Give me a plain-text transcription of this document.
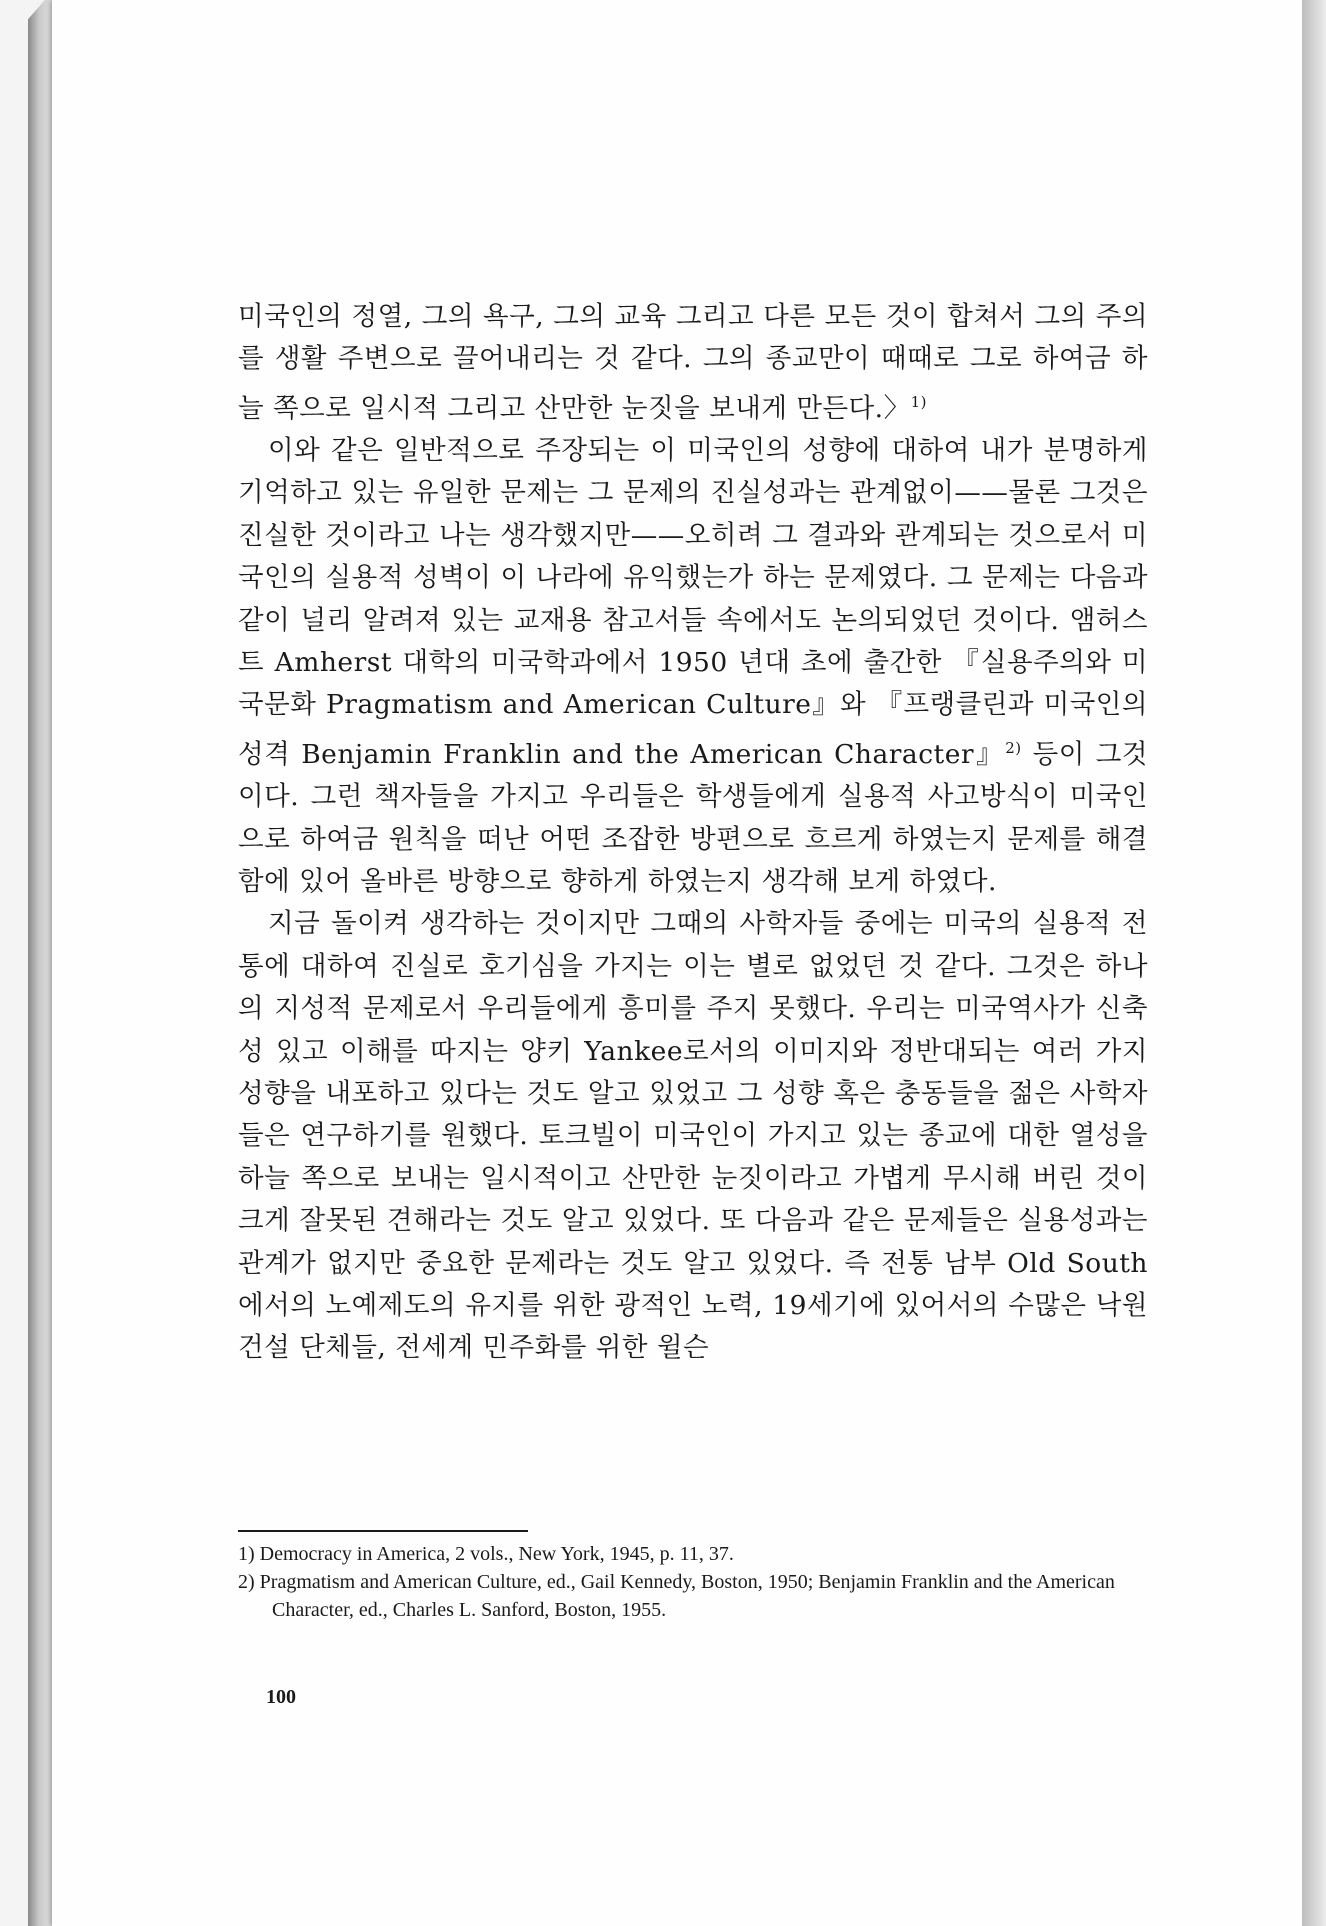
미국인의 정열, 그의 욕구, 그의 교육 그리고 다른 모든 것이 합쳐서 그의 주의를 생활 주변으로 끌어내리는 것 같다. 그의 종교만이 때때로 그로 하여금 하늘 쪽으로 일시적 그리고 산만한 눈짓을 보내게 만든다.〉$^{1)}$

이와 같은 일반적으로 주장되는 이 미국인의 성향에 대하여 내가 분명하게 기억하고 있는 유일한 문제는 그 문제의 진실성과는 관계없이——물론 그것은 진실한 것이라고 나는 생각했지만——오히려 그 결과와 관계되는 것으로서 미국인의 실용적 성벽이 이 나라에 유익했는가 하는 문제였다. 그 문제는 다음과 같이 널리 알려져 있는 교재용 참고서들 속에서도 논의되었던 것이다. 앰허스트 Amherst 대학의 미국학과에서 1950 년대 초에 출간한 『실용주의와 미국문화 Pragmatism and American Culture』와 『프랭클린과 미국인의 성격 Benjamin Franklin and the American Character』$^{2)}$ 등이 그것이다. 그런 책자들을 가지고 우리들은 학생들에게 실용적 사고방식이 미국인으로 하여금 원칙을 떠난 어떤 조잡한 방편으로 흐르게 하였는지 문제를 해결함에 있어 올바른 방향으로 향하게 하였는지 생각해 보게 하였다.

지금 돌이켜 생각하는 것이지만 그때의 사학자들 중에는 미국의 실용적 전통에 대하여 진실로 호기심을 가지는 이는 별로 없었던 것 같다. 그것은 하나의 지성적 문제로서 우리들에게 흥미를 주지 못했다. 우리는 미국역사가 신축성 있고 이해를 따지는 양키 Yankee로서의 이미지와 정반대되는 여러 가지 성향을 내포하고 있다는 것도 알고 있었고 그 성향 혹은 충동들을 젊은 사학자들은 연구하기를 원했다. 토크빌이 미국인이 가지고 있는 종교에 대한 열성을 하늘 쪽으로 보내는 일시적이고 산만한 눈짓이라고 가볍게 무시해 버린 것이 크게 잘못된 견해라는 것도 알고 있었다. 또 다음과 같은 문제들은 실용성과는 관계가 없지만 중요한 문제라는 것도 알고 있었다. 즉 전통 남부 Old South 에서의 노예제도의 유지를 위한 광적인 노력, 19세기에 있어서의 수많은 낙원건설 단체들, 전세계 민주화를 위한 윌슨

1) Democracy in America, 2 vols., New York, 1945, p. 11, 37.

2) Pragmatism and American Culture, ed., Gail Kennedy, Boston, 1950; Benjamin Franklin and the American Character, ed., Charles L. Sanford, Boston, 1955.

100
